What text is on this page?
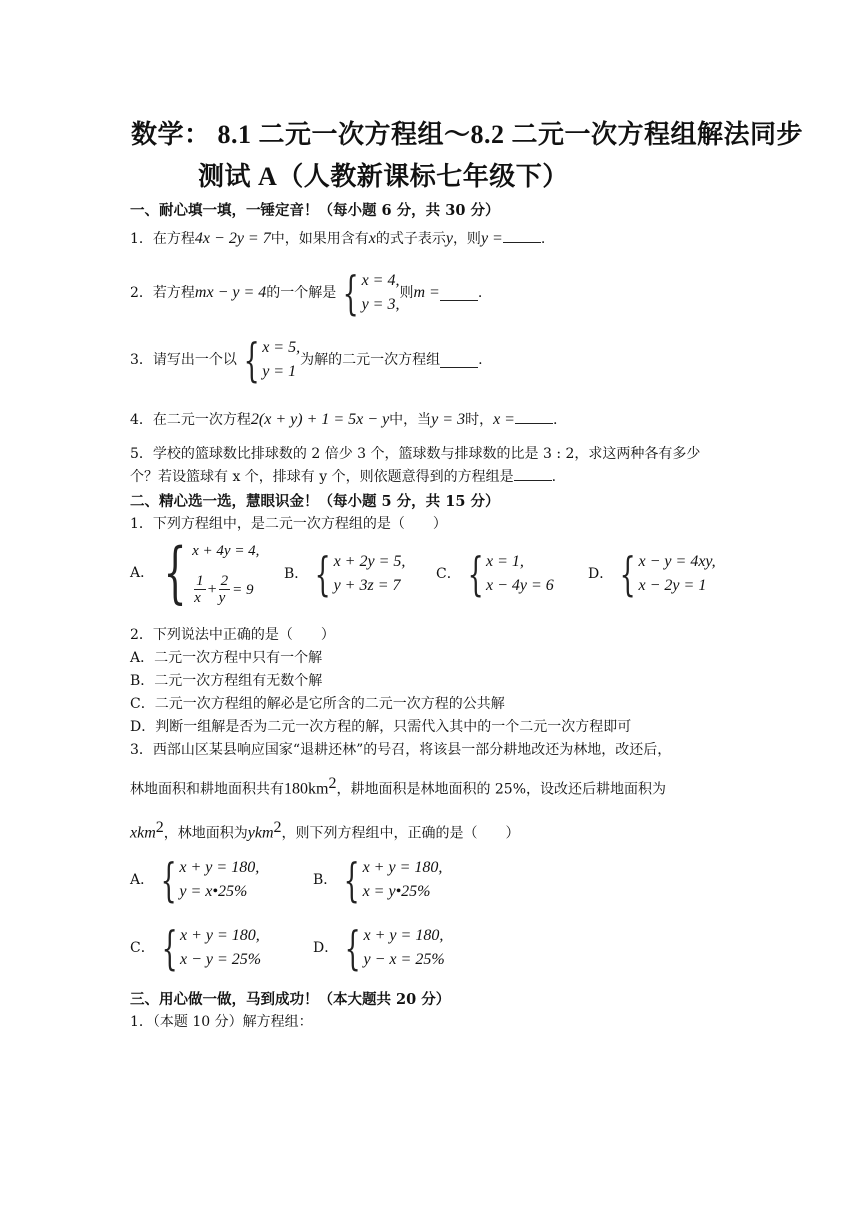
数学： 8.1 二元一次方程组～8.2 二元一次方程组解法同步
测试 A（人教新课标七年级下）
一、耐心填一填，一锤定音！（每小题 6 分，共 30 分）
1．在方程4x − 2y = 7中，如果用含有x的式子表示y，则y =	.
2．若方程 mx − y = 4 的一个解是 { x = 4,
y = 3,
则 m =	.
3．请写出一个以 { x = 5,
y = 1
为解的二元一次方程组	.
4．在二元一次方程2(x + y) + 1 = 5x − y中，当y = 3时，x =	.
5．学校的篮球数比排球数的 2 倍少 3 个，篮球数与排球数的比是 3 : 2，求这两种各有多少
个？若设篮球有 x 个，排球有 y 个，则依题意得到的方程组是	.
二、精心选一选，慧眼识金！（每小题 5 分，共 15 分）
1．下列方程组中，是二元一次方程组的是（　　）
A． { x + 4y = 4,
$\frac{1}{x} + \frac{2}{y} = 9$
B． { x + 2y = 5,
y + 3z = 7
C． { x = 1,
x − 4y = 6
D． { x − y = 4xy,
x − 2y = 1
2．下列说法中正确的是（　　）
A．二元一次方程中只有一个解
B．二元一次方程组有无数个解
C．二元一次方程组的解必是它所含的二元一次方程的公共解
D．判断一组解是否为二元一次方程的解，只需代入其中的一个二元一次方程即可
3．西部山区某县响应国家“退耕还林”的号召，将该县一部分耕地改还为林地，改还后，
林地面积和耕地面积共有$180km^2$，耕地面积是林地面积的 25%，设改还后耕地面积为
xkm$^2$，林地面积为ykm$^2$，则下列方程组中，正确的是（　　）
A． { x + y = 180,
y = x•25%
B． { x + y = 180,
x = y•25%
C． { x + y = 180,
x − y = 25%
D． { x + y = 180,
y − x = 25%
三、用心做一做，马到成功！（本大题共 20 分）
1．（本题 10 分）解方程组：
